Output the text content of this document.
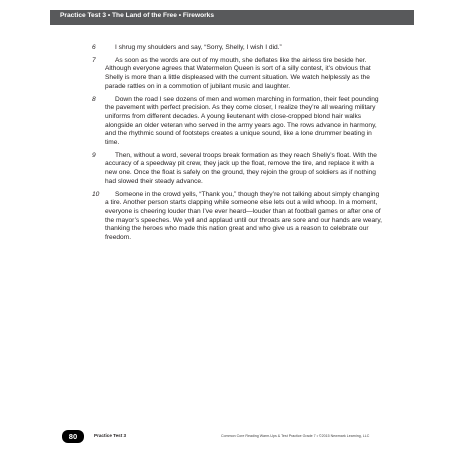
Practice Test 3 • The Land of the Free • Fireworks
6	I shrug my shoulders and say, “Sorry, Shelly, I wish I did.”

7	As soon as the words are out of my mouth, she deflates like the airless tire beside her. Although everyone agrees that Watermelon Queen is sort of a silly contest, it’s obvious that Shelly is more than a little displeased with the current situation. We watch helplessly as the parade rattles on in a commotion of jubilant music and laughter.

8	Down the road I see dozens of men and women marching in formation, their feet pounding the pavement with perfect precision. As they come closer, I realize they’re all wearing military uniforms from different decades. A young lieutenant with close-cropped blond hair walks alongside an older veteran who served in the army years ago. The rows advance in harmony, and the rhythmic sound of footsteps creates a unique sound, like a lone drummer beating in time.

9	Then, without a word, several troops break formation as they reach Shelly’s float. With the accuracy of a speedway pit crew, they jack up the float, remove the tire, and replace it with a new one. Once the float is safely on the ground, they rejoin the group of soldiers as if nothing had slowed their steady advance.

10	Someone in the crowd yells, “Thank you,” though they’re not talking about simply changing a tire. Another person starts clapping while someone else lets out a wild whoop. In a moment, everyone is cheering louder than I’ve ever heard—louder than at football games or after one of the mayor’s speeches. We yell and applaud until our throats are sore and our hands are weary, thanking the heroes who made this nation great and who give us a reason to celebrate our freedom.

80	Practice Test 3	Common Core Reading Warm-Ups & Test Practice Grade 7 • ©2015 Newmark Learning, LLC
